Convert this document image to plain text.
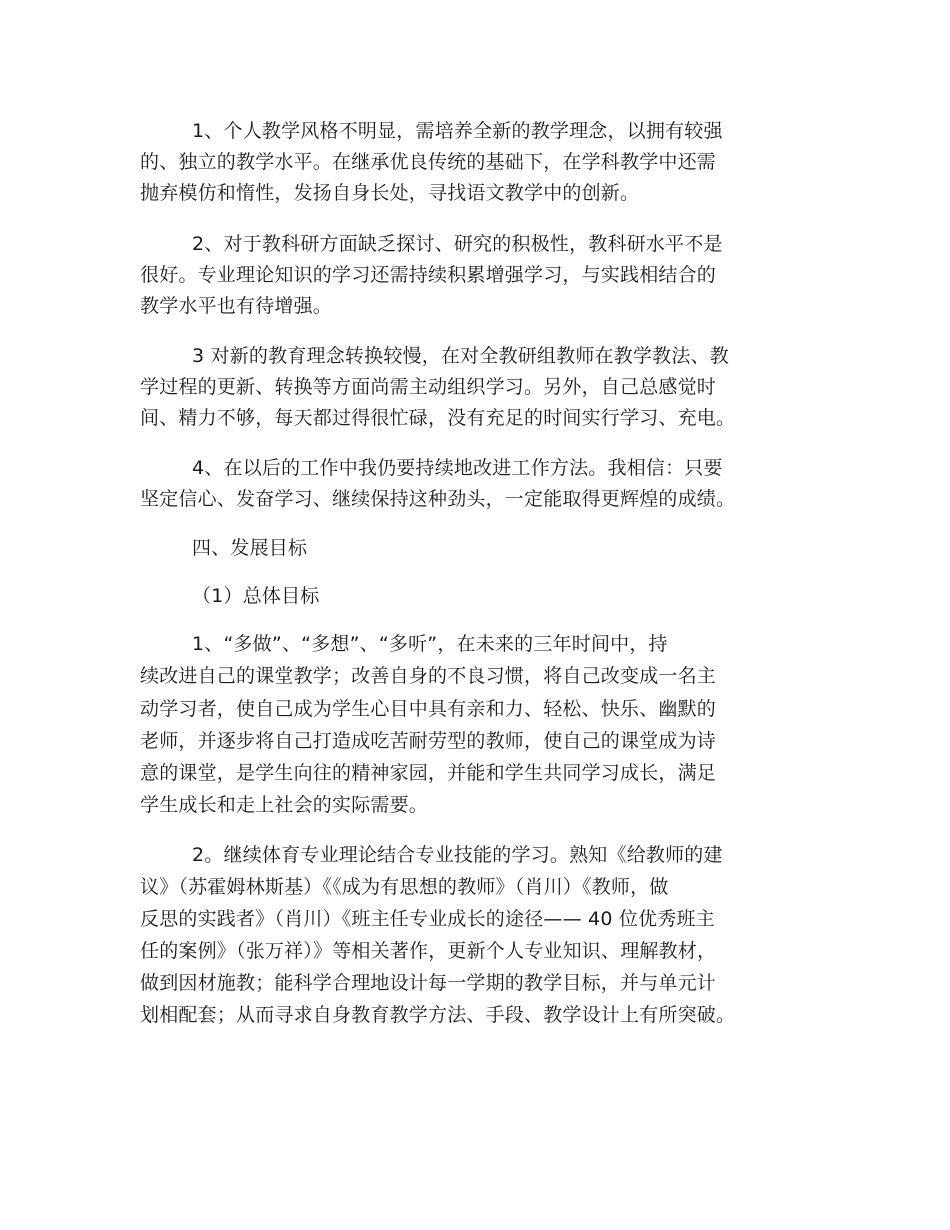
1、个人教学风格不明显，需培养全新的教学理念，以拥有较强
的、独立的教学水平。在继承优良传统的基础下，在学科教学中还需
抛弃模仿和惰性，发扬自身长处，寻找语文教学中的创新。
2、对于教科研方面缺乏探讨、研究的积极性，教科研水平不是
很好。专业理论知识的学习还需持续积累增强学习，与实践相结合的
教学水平也有待增强。
3 对新的教育理念转换较慢，在对全教研组教师在教学教法、教
学过程的更新、转换等方面尚需主动组织学习。另外，自己总感觉时
间、精力不够，每天都过得很忙碌，没有充足的时间实行学习、充电。
4、在以后的工作中我仍要持续地改进工作方法。我相信：只要
坚定信心、发奋学习、继续保持这种劲头，一定能取得更辉煌的成绩。
四、发展目标
（1）总体目标
1、“多做”、“多想”、“多听”，在未来的三年时间中，持
续改进自己的课堂教学；改善自身的不良习惯，将自己改变成一名主
动学习者，使自己成为学生心目中具有亲和力、轻松、快乐、幽默的
老师，并逐步将自己打造成吃苦耐劳型的教师，使自己的课堂成为诗
意的课堂，是学生向往的精神家园，并能和学生共同学习成长，满足
学生成长和走上社会的实际需要。
2。继续体育专业理论结合专业技能的学习。熟知《给教师的建
议》（苏霍姆林斯基）《《成为有思想的教师》（肖川）《教师，做
反思的实践者》（肖川）《班主任专业成长的途径—— 40 位优秀班主
任的案例》（张万祥）》等相关著作，更新个人专业知识、理解教材，
做到因材施教；能科学合理地设计每一学期的教学目标，并与单元计
划相配套；从而寻求自身教育教学方法、手段、教学设计上有所突破。
